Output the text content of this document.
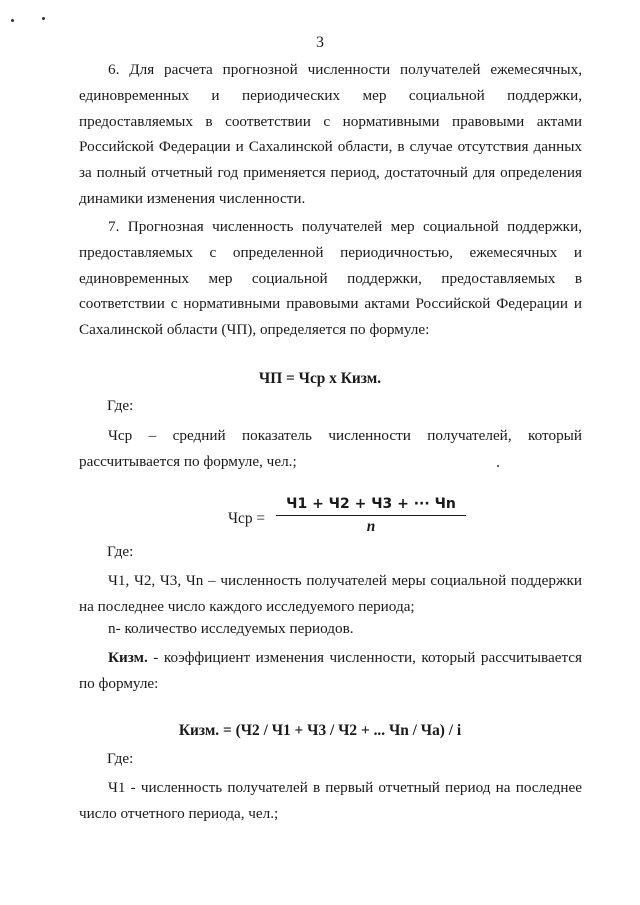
3
6. Для расчета прогнозной численности получателей ежемесячных,
единовременных и периодических мер социальной поддержки,
предоставляемых в соответствии с нормативными правовыми актами
Российской Федерации и Сахалинской области, в случае отсутствия данных
за полный отчетный год применяется период, достаточный для определения
динамики изменения численности.
7. Прогнозная численность получателей мер социальной поддержки,
предоставляемых с определенной периодичностью, ежемесячных и
единовременных мер социальной поддержки, предоставляемых в
соответствии с нормативными правовыми актами Российской Федерации и
Сахалинской области (ЧП), определяется по формуле:
ЧП = Чср x Кизм.
Где:
Чср – средний показатель численности получателей, который
рассчитывается по формуле, чел.;
Чср =
Ч1 + Ч2 + Ч3 + ··· Чn
n
Где:
Ч1, Ч2, Ч3, Чn – численность получателей меры социальной поддержки
на последнее число каждого исследуемого периода;
n- количество исследуемых периодов.
Кизм. - коэффициент изменения численности, который рассчитывается
по формуле:
Кизм. = (Ч2 / Ч1 + Ч3 / Ч2 + ... Чn / Чa) / i
Где:
Ч1 - численность получателей в первый отчетный период на последнее
число отчетного периода, чел.;
